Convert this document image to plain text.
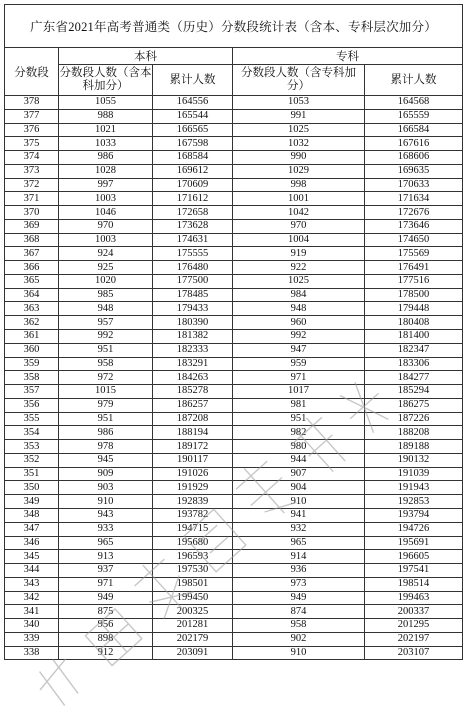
广东省2021年高考普通类（历史）分数段统计表（含本、专科层次加分）				
分数段	本科		专科	
	分数段人数（含本科加分）	累计人数	分数段人数（含专科加分）	累计人数
378	1055	164556	1053	164568
377	988	165544	991	165559
376	1021	166565	1025	166584
375	1033	167598	1032	167616
374	986	168584	990	168606
373	1028	169612	1029	169635
372	997	170609	998	170633
371	1003	171612	1001	171634
370	1046	172658	1042	172676
369	970	173628	970	173646
368	1003	174631	1004	174650
367	924	175555	919	175569
366	925	176480	922	176491
365	1020	177500	1025	177516
364	985	178485	984	178500
363	948	179433	948	179448
362	957	180390	960	180408
361	992	181382	992	181400
360	951	182333	947	182347
359	958	183291	959	183306
358	972	184263	971	184277
357	1015	185278	1017	185294
356	979	186257	981	186275
355	951	187208	951	187226
354	986	188194	982	188208
353	978	189172	980	189188
352	945	190117	944	190132
351	909	191026	907	191039
350	903	191929	904	191943
349	910	192839	910	192853
348	943	193782	941	193794
347	933	194715	932	194726
346	965	195680	965	195691
345	913	196593	914	196605
344	937	197530	936	197541
343	971	198501	973	198514
342	949	199450	949	199463
341	875	200325	874	200337
340	956	201281	958	201295
339	898	202179	902	202197
338	912	203091	910	203107
